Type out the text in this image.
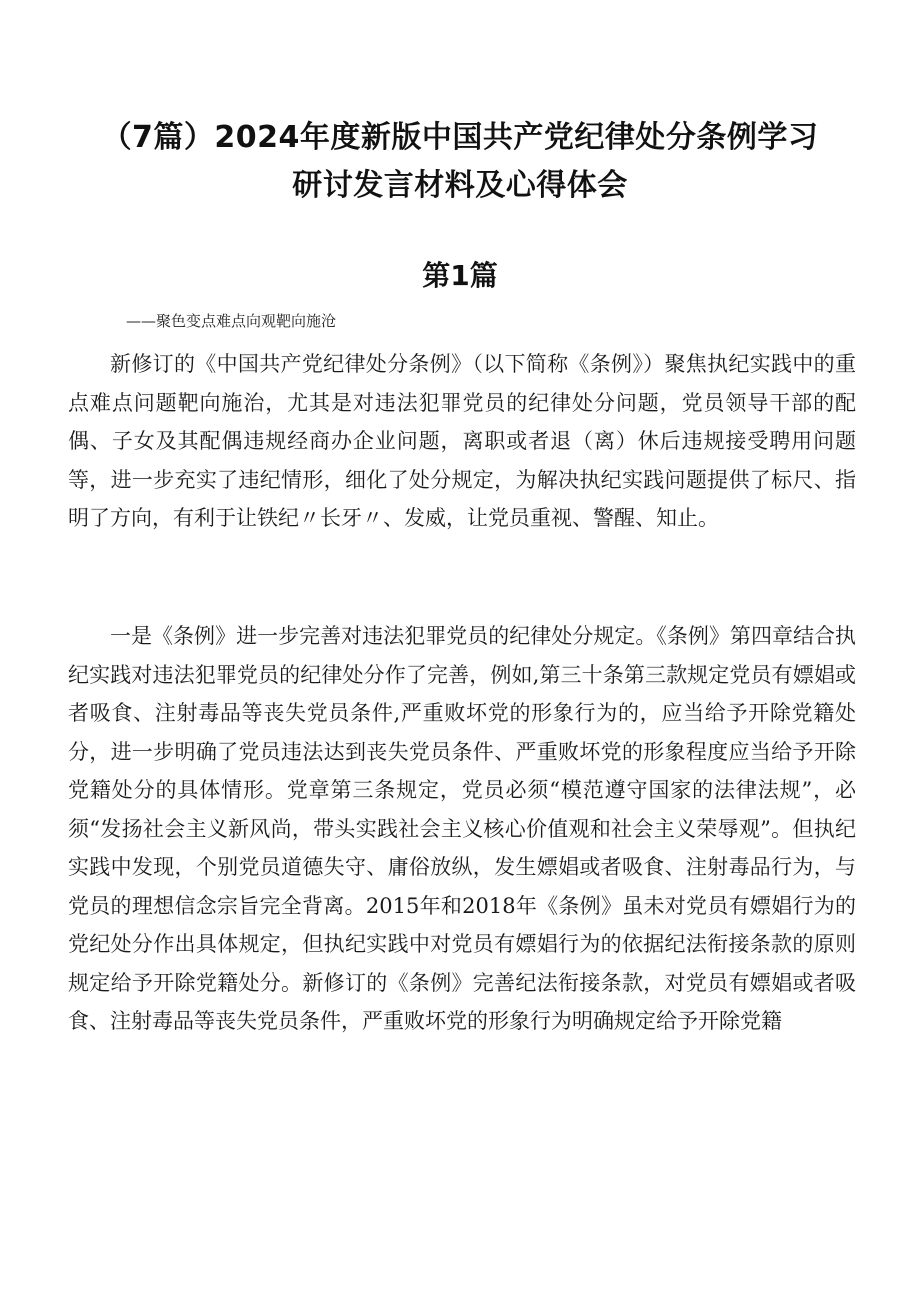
（7篇）2024年度新版中国共产党纪律处分条例学习
研讨发言材料及心得体会
第1篇
——聚色变点难点向观靶向施沧

新修订的《中国共产党纪律处分条例》（以下简称《条例》）聚焦执纪实践中的重点难点问题靶向施治，尤其是对违法犯罪党员的纪律处分问题，党员领导干部的配偶、子女及其配偶违规经商办企业问题，离职或者退（离）休后违规接受聘用问题等，进一步充实了违纪情形，细化了处分规定，为解决执纪实践问题提供了标尺、指明了方向，有利于让铁纪〃长牙〃、发威，让党员重视、警醒、知止。

一是《条例》进一步完善对违法犯罪党员的纪律处分规定。《条例》第四章结合执纪实践对违法犯罪党员的纪律处分作了完善，例如,第三十条第三款规定党员有嫖娼或者吸食、注射毒品等丧失党员条件,严重败坏党的形象行为的，应当给予开除党籍处分，进一步明确了党员违法达到丧失党员条件、严重败坏党的形象程度应当给予开除党籍处分的具体情形。党章第三条规定，党员必须“模范遵守国家的法律法规”，必须“发扬社会主义新风尚，带头实践社会主义核心价值观和社会主义荣辱观”。但执纪实践中发现，个别党员道德失守、庸俗放纵，发生嫖娼或者吸食、注射毒品行为，与党员的理想信念宗旨完全背离。2015年和2018年《条例》虽未对党员有嫖娼行为的党纪处分作出具体规定，但执纪实践中对党员有嫖娼行为的依据纪法衔接条款的原则规定给予开除党籍处分。新修订的《条例》完善纪法衔接条款，对党员有嫖娼或者吸食、注射毒品等丧失党员条件，严重败坏党的形象行为明确规定给予开除党籍
